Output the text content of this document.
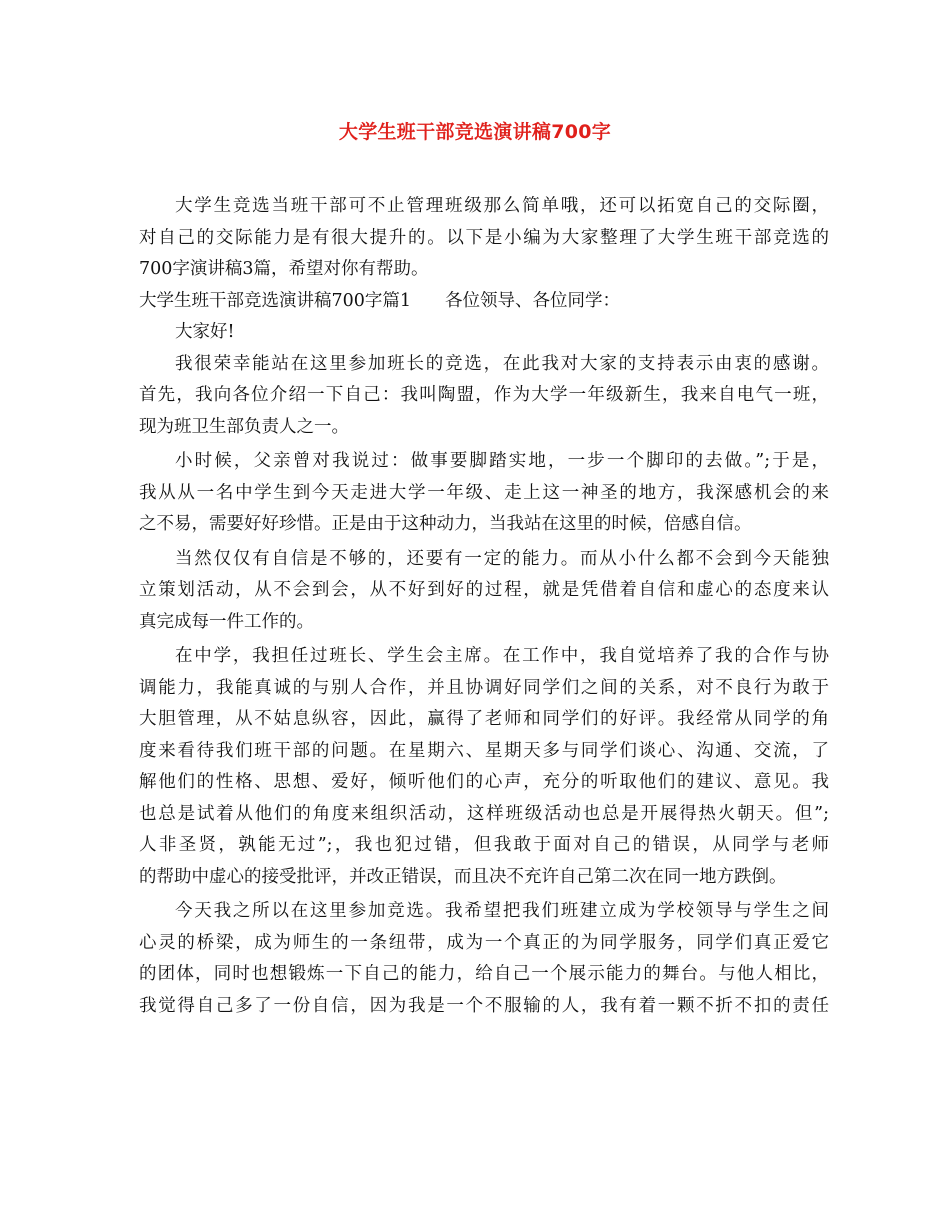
大学生班干部竞选演讲稿700字
大学生竞选当班干部可不止管理班级那么简单哦，还可以拓宽自己的交际圈，
对自己的交际能力是有很大提升的。以下是小编为大家整理了大学生班干部竞选的
700字演讲稿3篇，希望对你有帮助。
大学生班干部竞选演讲稿700字篇1 各位领导、各位同学：
大家好!
我很荣幸能站在这里参加班长的竞选，在此我对大家的支持表示由衷的感谢。
首先，我向各位介绍一下自己：我叫陶盟，作为大学一年级新生，我来自电气一班，
现为班卫生部负责人之一。
小时候，父亲曾对我说过：做事要脚踏实地，一步一个脚印的去做。”;于是，
我从从一名中学生到今天走进大学一年级、走上这一神圣的地方，我深感机会的来
之不易，需要好好珍惜。正是由于这种动力，当我站在这里的时候，倍感自信。
当然仅仅有自信是不够的，还要有一定的能力。而从小什么都不会到今天能独
立策划活动，从不会到会，从不好到好的过程，就是凭借着自信和虚心的态度来认
真完成每一件工作的。
在中学，我担任过班长、学生会主席。在工作中，我自觉培养了我的合作与协
调能力，我能真诚的与别人合作，并且协调好同学们之间的关系，对不良行为敢于
大胆管理，从不姑息纵容，因此，赢得了老师和同学们的好评。我经常从同学的角
度来看待我们班干部的问题。在星期六、星期天多与同学们谈心、沟通、交流，了
解他们的性格、思想、爱好，倾听他们的心声，充分的听取他们的建议、意见。我
也总是试着从他们的角度来组织活动，这样班级活动也总是开展得热火朝天。但”;
人非圣贤，孰能无过”;，我也犯过错，但我敢于面对自己的错误，从同学与老师
的帮助中虚心的接受批评，并改正错误，而且决不充许自己第二次在同一地方跌倒。
今天我之所以在这里参加竞选。我希望把我们班建立成为学校领导与学生之间
心灵的桥梁，成为师生的一条纽带，成为一个真正的为同学服务，同学们真正爱它
的团体，同时也想锻炼一下自己的能力，给自己一个展示能力的舞台。与他人相比，
我觉得自己多了一份自信，因为我是一个不服输的人，我有着一颗不折不扣的责任
